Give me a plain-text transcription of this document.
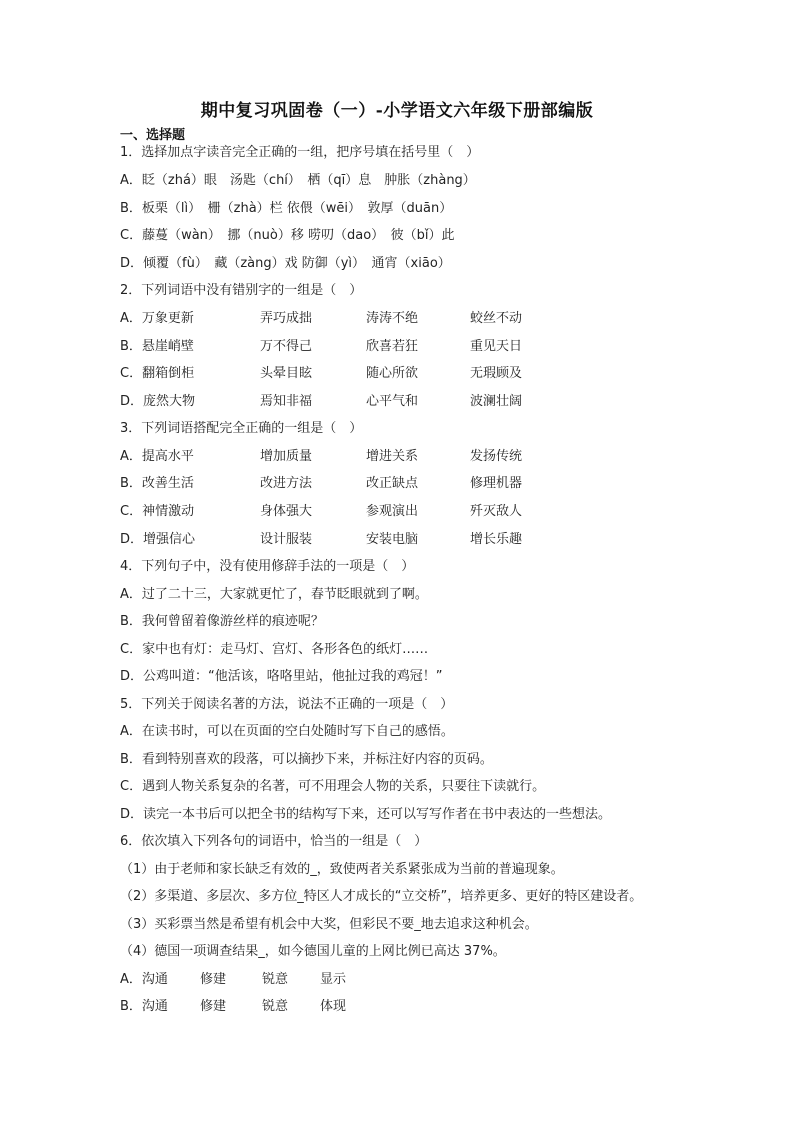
期中复习巩固卷（一）-小学语文六年级下册部编版
一、选择题
1．选择加点字读音完全正确的一组，把序号填在括号里（　）
A．眨（zhá）眼　汤匙（chí）　栖（qī）息　肿胀（zhàng）
B．板栗（lì）　栅（zhà）栏 依偎（wēi）　敦厚（duān）
C．藤蔓（wàn）　挪（nuò）移 唠叨（dao）　彼（bǐ）此
D．倾覆（fù）　藏（zàng）戏 防御（yì）　通宵（xiāo）
2．下列词语中没有错别字的一组是（　）
A．万象更新	弄巧成拙	涛涛不绝	蛟丝不动
B．悬崖峭壁	万不得己	欣喜若狂	重见天日
C．翻箱倒柜	头晕目眩	随心所欲	无瑕顾及
D．庞然大物	焉知非福	心平气和	波澜壮阔
3．下列词语搭配完全正确的一组是（　）
A．提高水平	增加质量	增进关系	发扬传统
B．改善生活	改进方法	改正缺点	修理机器
C．神情激动	身体强大	参观演出	歼灭敌人
D．增强信心	设计服装	安装电脑	增长乐趣
4．下列句子中，没有使用修辞手法的一项是（　）
A．过了二十三，大家就更忙了，春节眨眼就到了啊。
B．我何曾留着像游丝样的痕迹呢？
C．家中也有灯：走马灯、宫灯、各形各色的纸灯……
D．公鸡叫道：“他活该，咯咯里站，他扯过我的鸡冠！”
5．下列关于阅读名著的方法，说法不正确的一项是（　）
A．在读书时，可以在页面的空白处随时写下自己的感悟。
B．看到特别喜欢的段落，可以摘抄下来，并标注好内容的页码。
C．遇到人物关系复杂的名著，可不用理会人物的关系，只要往下读就行。
D．读完一本书后可以把全书的结构写下来，还可以写写作者在书中表达的一些想法。
6．依次填入下列各句的词语中，恰当的一组是（　）
（1）由于老师和家长缺乏有效的_，致使两者关系紧张成为当前的普遍现象。
（2）多渠道、多层次、多方位_特区人才成长的“立交桥”，培养更多、更好的特区建设者。
（3）买彩票当然是希望有机会中大奖，但彩民不要_地去追求这种机会。
（4）德国一项调查结果_，如今德国儿童的上网比例已高达 37%。
A．沟通 修建	锐意 显示
B．沟通 修建	锐意 体现
